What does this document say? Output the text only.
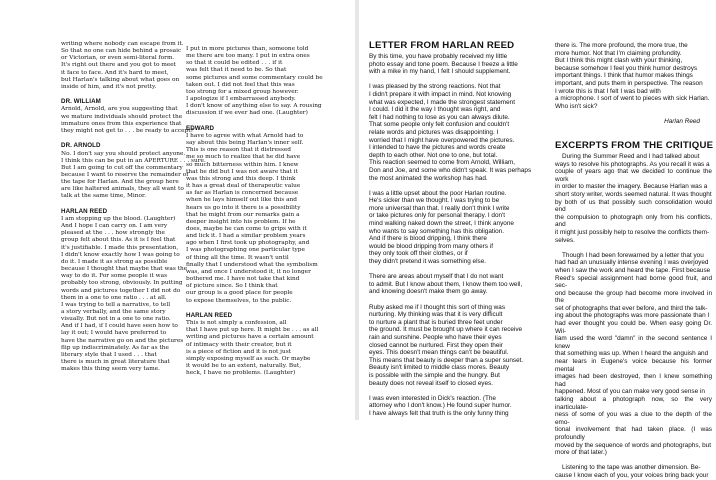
writing where nobody can escape from it.
So that no one can hide behind a prosaic
or Victorian, or even semi-literal form.
It's right out there and you got to meet
it face to face. And it's hard to meet,
but Harlan's talking about what goes on
inside of him, and it's not pretty.

DR. WILLIAM

Arnold, Arnold, are you suggesting that
we mature individuals should protect the
immature ones from this experience that
they might not get to . . . be ready to accept?

DR. ARNOLD

No. I don't say you should protect anyone.
I think this can be put in an APERTURE . . . sure.
But I am going to cut off the commentary
because I want to reserve the remainder of
the tape for Harlan. And the group here
are like haltered animals, they all want to
talk at the same time, Minor.

HARLAN REED

I am stopping up the blood. (Laughter)
And I hope I can carry on. I am very
pleased at the . . . how strongly the
group felt about this. As it is I feel that
it's justifiable. I made this presentation,
I didn't know exactly how I was going to
do it. I made it as strong as possible
because I thought that maybe that was the
way to do it. For some people it was
probably too strong, obviously. In putting
words and pictures together I did not do
them in a one to one ratio . . . at all.
I was trying to tell a narrative, to tell
a story verbally, and the same story
visually. But not in a one to one ratio.
And if I had, if I could have seen how to
lay it out; I would have preferred to
have the narrative go on and the pictures
flip up indiscriminately. As far as the
literary style that I used . . . that
there is much in great literature that
makes this thing seem very tame.

I put in more pictures than, someone told
me there are too many. I put in extra ones
so that it could be edited . . . if it
was felt that it need to be. So that
some pictures and some commentary could be
taken out. I did not feel that this was
too strong for a mixed group however.
I apologize if I embarrassed anybody.
I don't know of anything else to say. A rousing
discussion if we ever had one. (Laughter)

EDWARD

I have to agree with what Arnold had to
say about this being Harlan's inner self.
This is one reason that it distressed
me so much to realize that he did have
so much bitterness within him. I knew
that he did but I was not aware that it
was this strong and this deep. I think
it has a great deal of therapeutic value
as far as Harlan is concerned because
when he lays himself out like this and
hears us go into it there is a possibility
that he might from our remarks gain a
deeper insight into his problem. If he
does, maybe he can come to grips with it
and lick it. I had a similar problem years
ago when I first took up photography, and
I was photographing one particular type
of thing all the time. It wasn't until
finally that I understood what the symbolism
was, and once I understood it, it no longer
bothered me. I have not take that kind
of picture since. So I think that
our group is a good place for people
to expose themselves, to the public.

HARLAN REED

This is not simply a confession, all
that I have put up here. It might be . . . as all
writing and pictures have a certain amount
of intimacy with their creator, but it
is a piece of fiction and it is not just
simply exposing myself as such. Or maybe
it would be to an extent, naturally. But,
heck, I have no problems. (Laughter)

LETTER FROM HARLAN REED

By this time, you have probably received my little
photo essay and tone poem. Because I freeze a little
with a mike in my hand, I felt I should supplement.

I was pleased by the strong reactions. Not that
I didn't prepare it with impact in mind. Not knowing
what was expected, I made the strongest statement
I could. I did it the way I thought was right, and
felt I had nothing to lose as you can always dilute.
That some people only felt confusion and couldn't
relate words and pictures was disappointing. I
worried that I might have overpowered the pictures.
I intended to have the pictures and words create
depth to each other. Not one to one, but total.
This reaction seemed to come from Arnold, William,
Don and Joe, and some who didn't speak. It was perhaps
the most animated the workshop has had.

I was a little upset about the poor Harlan routine.
He's sicker than we thought. I was trying to be
more universal than that. I really don't think I write
or take pictures only for personal therapy. I don't
mind walking naked down the street, I think anyone
who wants to say something has this obligation.
And if there is blood dripping, I think there
would be blood dripping from many others if
they only took off their clothes, or if
they didn't pretend it was something else.

There are areas about myself that I do not want
to admit. But I know about them, I know them too well,
and knowing doesn't make them go away.

Ruby asked me if I thought this sort of thing was
nurturing. My thinking was that it is very difficult
to nurture a plant that is buried three feet under
the ground. It must be brought up where it can receive
rain and sunshine. People who have their eyes
closed cannot be nurtured. First they open their
eyes. This doesn't mean things can't be beautiful.
This means that beauty is deeper than a super sunset.
Beauty isn't limited to middle class mores. Beauty
is possible with the simple and the hungry. But
beauty does not reveal itself to closed eyes.

I was even interested in Dick's reaction. (The
attorney who I don't know.) He found super humor.
I have always felt that truth is the only funny thing

there is. The more profound, the more true, the
more humor. Not that I'm claiming profundity.
But I think this might clash with your thinking,
because somehow I feel you think humor destroys
important things. I think that humor makes things
important, and puts them in perspective. The reason
I wrote this is that I felt I was bad with
a microphone. I sort of went to pieces with sick Harlan.
Who isn't sick?

Harlan Reed

EXCERPTS FROM THE CRITIQUE

During the Summer Reed and I had talked about
ways to resolve his photographs. As you recall it was a
couple of years ago that we decided to continue the work
in order to master the imagery. Because Harlan was a
short story writer, words seemed natural. It was thought
by both of us that possibly such consolidation would end
the compulsion to photograph only from his conflicts, and
it might just possibly help to resolve the conflicts them-
selves.

Though I had been forewarned by a letter that you
had had an unusually intense evening I was overjoyed
when I saw the work and heard the tape. First because
Reed's special assignment had borne good fruit, and sec-
ond because the group had become more involved in the
set of photographs that ever before, and third the talk-
ing about the photographs was more passionate than I
had ever thought you could be. When easy going Dr. Wil-
liam used the word "damn" in the second sentence I knew
that something was up. When I heard the anguish and
near tears in Eugene's voice because his former mental
images had been destroyed, then I knew something had
happened. Most of you can make very good sense in
talking about a photograph now, so the very inarticulate-
ness of some of you was a clue to the depth of the emo-
tional involvement that had taken place. (I was profoundly
moved by the sequence of words and photographs, but
more of that later.)

Listening to the tape was another dimension. Be-
cause I know each of you, your voices bring back your
